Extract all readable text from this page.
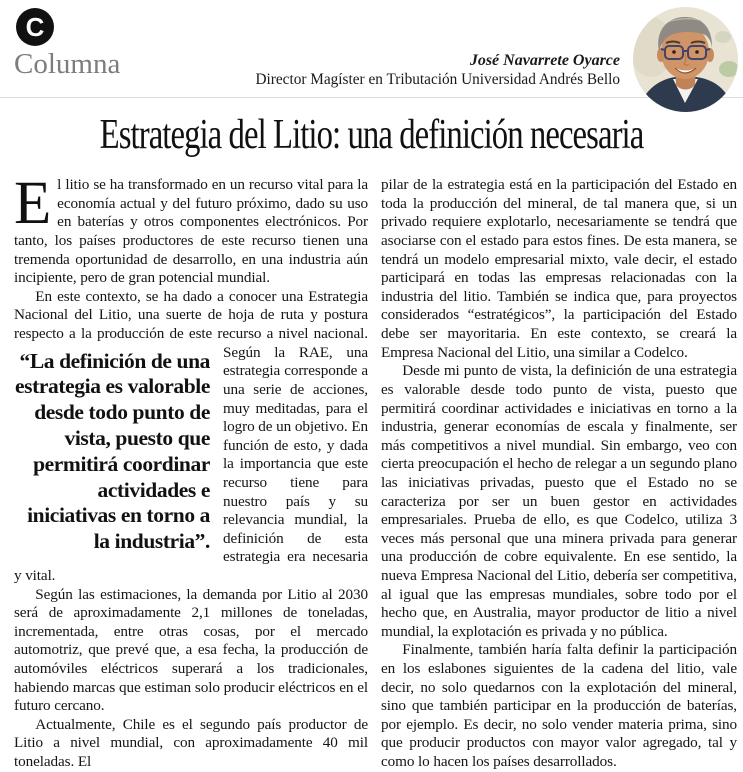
C
Columna	José Navarrete Oyarce
Director Magíster en Tributación Universidad Andrés Bello
Estrategia del Litio: una definición necesaria

El litio se ha transformado en un recurso vital para la economía actual y del futuro próximo, dado su uso en baterías y otros componentes electrónicos. Por tanto, los países productores de este recurso tienen una tremenda oportunidad de desarrollo, en una industria aún incipiente, pero de gran potencial mundial.

En este contexto, se ha dado a conocer una Estrategia Nacional del Litio, una suerte de hoja de ruta y postura respecto a la producción de este recurso a nivel nacional. Según la
“La definición de una estrategia es valorable desde todo punto de vista, puesto que permitirá coordinar actividades e iniciativas en torno a la industria”.
RAE, una estrategia corresponde a una serie de acciones, muy meditadas, para el logro de un objetivo. En función de esto, y dada la importancia que este recurso tiene para nuestro país y su relevancia mundial, la definición de esta estrategia era necesaria y vital.

Según las estimaciones, la demanda por Litio al 2030 será de aproximadamente 2,1 millones de toneladas, incrementada, entre otras cosas, por el mercado automotriz, que prevé que, a esa fecha, la producción de automóviles eléctricos superará a los tradicionales, habiendo marcas que estiman solo producir eléctricos en el futuro cercano.

Actualmente, Chile es el segundo país productor de Litio a nivel mundial, con aproximadamente 40 mil toneladas. El

pilar de la estrategia está en la participación del Estado en toda la producción del mineral, de tal manera que, si un privado requiere explotarlo, necesariamente se tendrá que asociarse con el estado para estos fines. De esta manera, se tendrá un modelo empresarial mixto, vale decir, el estado participará en todas las empresas relacionadas con la industria del litio. También se indica que, para proyectos considerados “estratégicos”, la participación del Estado debe ser mayoritaria. En este contexto, se creará la Empresa Nacional del Litio, una similar a Codelco.

Desde mi punto de vista, la definición de una estrategia es valorable desde todo punto de vista, puesto que permitirá coordinar actividades e iniciativas en torno a la industria, generar economías de escala y finalmente, ser más competitivos a nivel mundial. Sin embargo, veo con cierta preocupación el hecho de relegar a un segundo plano las iniciativas privadas, puesto que el Estado no se caracteriza por ser un buen gestor en actividades empresariales. Prueba de ello, es que Codelco, utiliza 3 veces más personal que una minera privada para generar una producción de cobre equivalente. En ese sentido, la nueva Empresa Nacional del Litio, debería ser competitiva, al igual que las empresas mundiales, sobre todo por el hecho que, en Australia, mayor productor de litio a nivel mundial, la explotación es privada y no pública.

Finalmente, también haría falta definir la participación en los eslabones siguientes de la cadena del litio, vale decir, no solo quedarnos con la explotación del mineral, sino que también participar en la producción de baterías, por ejemplo. Es decir, no solo vender materia prima, sino que producir productos con mayor valor agregado, tal y como lo hacen los países desarrollados.
